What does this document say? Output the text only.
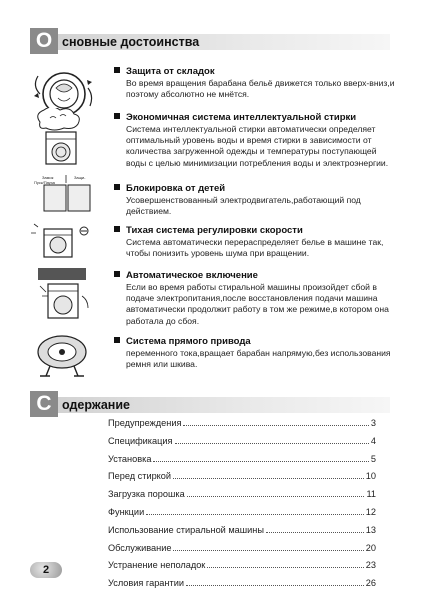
О сновные достоинства
Защита от складок
Во время вращения барабана бельё движется только вверх-вниз,и поэтому абсолютно не мнётся.
Экономичная система интеллектуальной стирки
Система интеллектуальной стирки автоматически определяет оптимальный уровень воды и время стирки в зависимости от количества загруженной одежды и температуры поступающей воды с целью минимизации потребления воды и электроэнергии.
Замок	Защи-
Пуск/Пауза
Блокировка от детей
Усовершенствованный электродвигатель,работающий под действием.
Тихая система регулировки скорости
Система автоматически перераспределяет белье в машине так, чтобы понизить уровень шума при вращении.
Автоматическое включение
Если во время работы стиральной машины произойдет сбой в подаче электропитания,после восстановления подачи машина автоматически продолжит работу в том же режиме,в котором она работала до сбоя.
Система прямого привода
переменного тока,вращает барабан напрямую,без использования ремня или шкива.
С одержание
Предупреждения	3
Спецификация	4
Установка	5
Перед стиркой	10
Загрузка порошка	11
Функции	12
Использование стиральной машины	13
Обслуживание	20
Устранение неполадок	23
Условия гарантии	26
2
